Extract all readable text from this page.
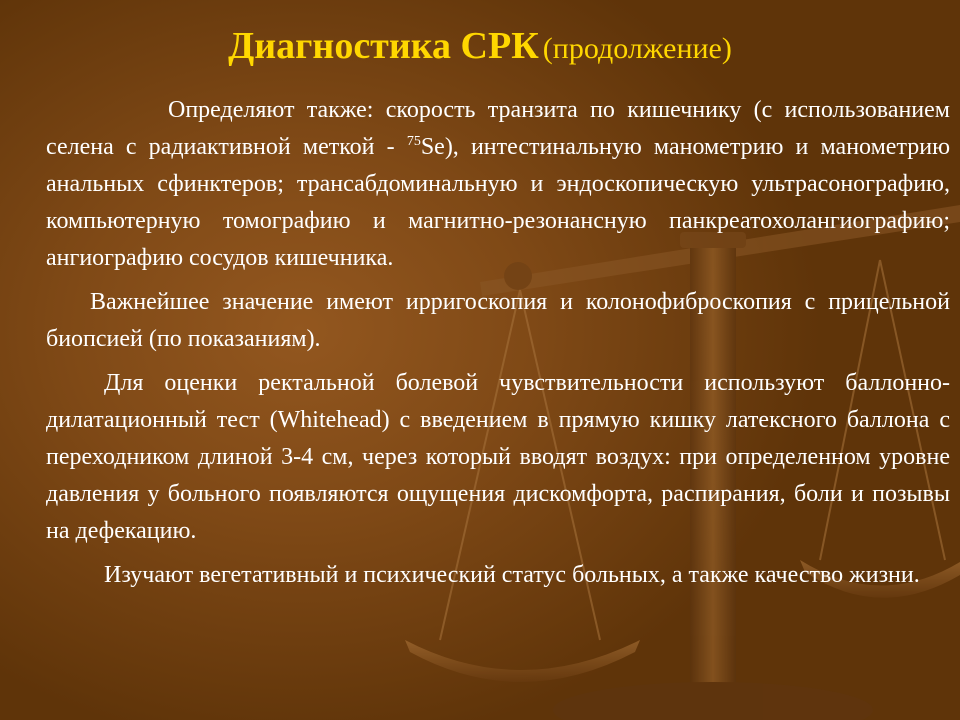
Диагностика СРК (продолжение)

Определяют также: скорость транзита по кишечнику (с использованием селена с радиактивной меткой - $^{75}$Se), интестинальную манометрию и манометрию анальных сфинктеров; трансабдоминальную и эндоскопическую ультрасонографию, компьютерную томографию и магнитно-резонансную панкреатохолангиографию; ангиографию сосудов кишечника.

Важнейшее значение имеют ирригоскопия и колонофиброскопия с прицельной биопсией (по показаниям).

Для оценки ректальной болевой чувствительности используют баллонно-дилатационный тест (Whitehead) с введением в прямую кишку латексного баллона с переходником длиной 3-4 см, через который вводят воздух: при определенном уровне давления у больного появляются ощущения дискомфорта, распирания, боли и позывы на дефекацию.

Изучают вегетативный и психический статус больных, а также качество жизни.
